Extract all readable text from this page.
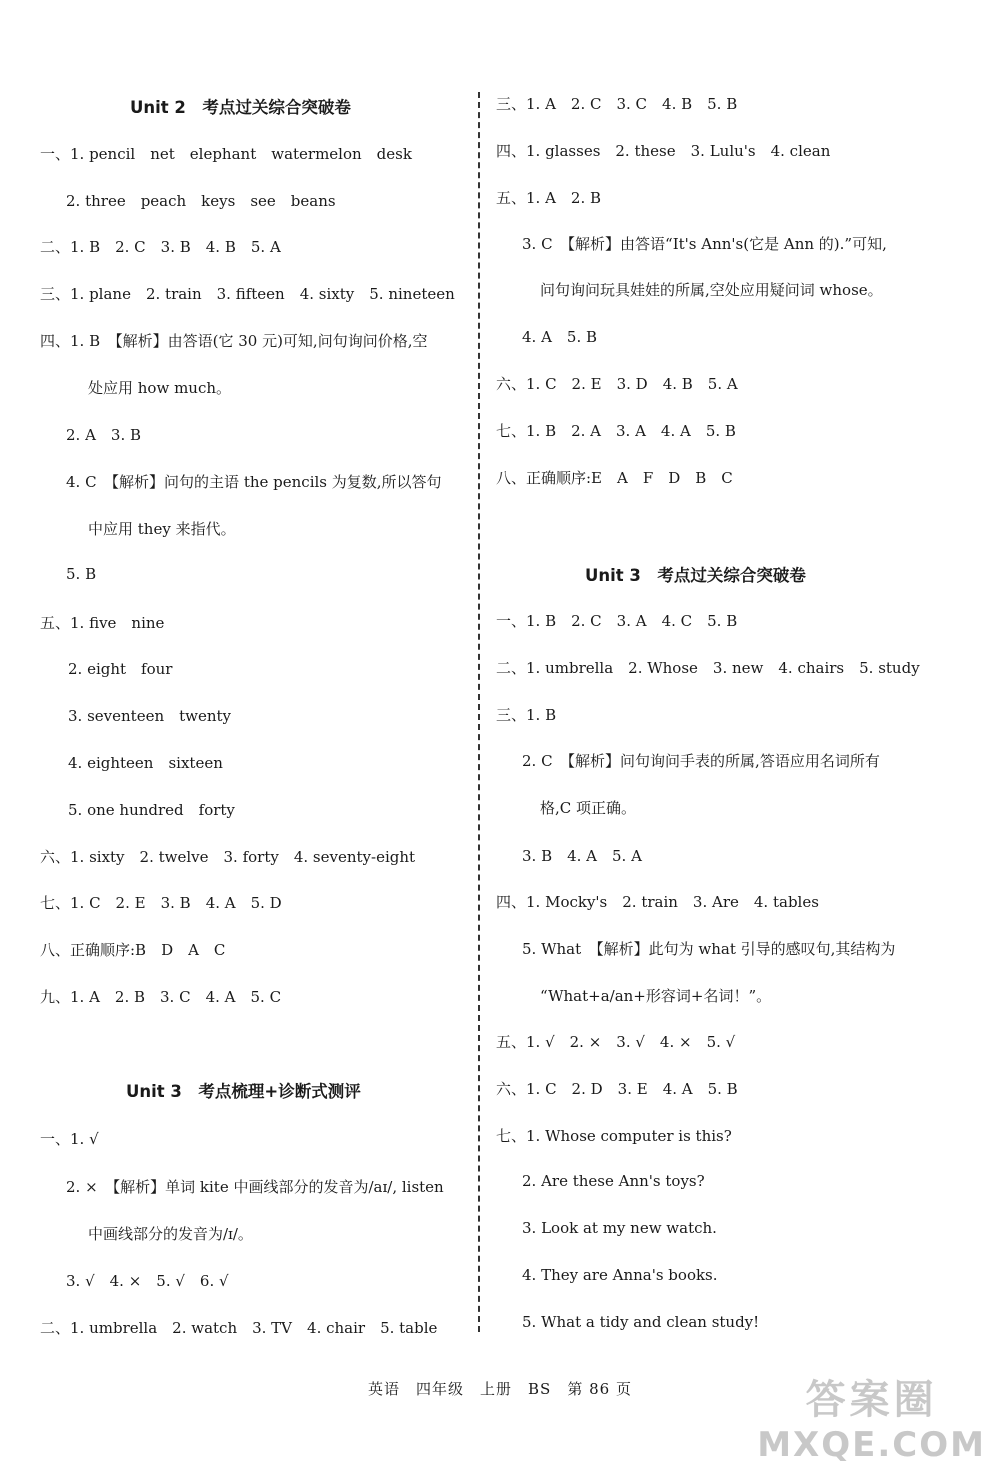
Unit 2　考点过关综合突破卷
一、1. pencil　net　elephant　watermelon　desk
2. three　peach　keys　see　beans
二、1. B　2. C　3. B　4. B　5. A
三、1. plane　2. train　3. fifteen　4. sixty　5. nineteen
四、1. B　【解析】由答语(它 30 元)可知,问句询问价格,空
处应用 how much。
2. A　3. B
4. C　【解析】问句的主语 the pencils 为复数,所以答句
中应用 they 来指代。
5. B
五、1. five　nine
2. eight　four
3. seventeen　twenty
4. eighteen　sixteen
5. one hundred　forty
六、1. sixty　2. twelve　3. forty　4. seventy-eight
七、1. C　2. E　3. B　4. A　5. D
八、正确顺序:B　D　A　C
九、1. A　2. B　3. C　4. A　5. C
Unit 3　考点梳理+诊断式测评
一、1. √
2. ×　【解析】单词 kite 中画线部分的发音为/aɪ/, listen
中画线部分的发音为/ɪ/。
3. √　4. ×　5. √　6. √
二、1. umbrella　2. watch　3. TV　4. chair　5. table
三、1. A　2. C　3. C　4. B　5. B
四、1. glasses　2. these　3. Lulu's　4. clean
五、1. A　2. B
3. C　【解析】由答语“It's Ann's(它是 Ann 的).”可知,
问句询问玩具娃娃的所属,空处应用疑问词 whose。
4. A　5. B
六、1. C　2. E　3. D　4. B　5. A
七、1. B　2. A　3. A　4. A　5. B
八、正确顺序:E　A　F　D　B　C
Unit 3　考点过关综合突破卷
一、1. B　2. C　3. A　4. C　5. B
二、1. umbrella　2. Whose　3. new　4. chairs　5. study
三、1. B
2. C　【解析】问句询问手表的所属,答语应用名词所有
格,C 项正确。
3. B　4. A　5. A
四、1. Mocky's　2. train　3. Are　4. tables
5. What　【解析】此句为 what 引导的感叹句,其结构为
“What+a/an+形容词+名词！”。
五、1. √　2. ×　3. √　4. ×　5. √
六、1. C　2. D　3. E　4. A　5. B
七、1. Whose computer is this?
2. Are these Ann's toys?
3. Look at my new watch.
4. They are Anna's books.
5. What a tidy and clean study!
英语　四年级　上册　BS　第 86 页	答案圈
MXQE.COM
